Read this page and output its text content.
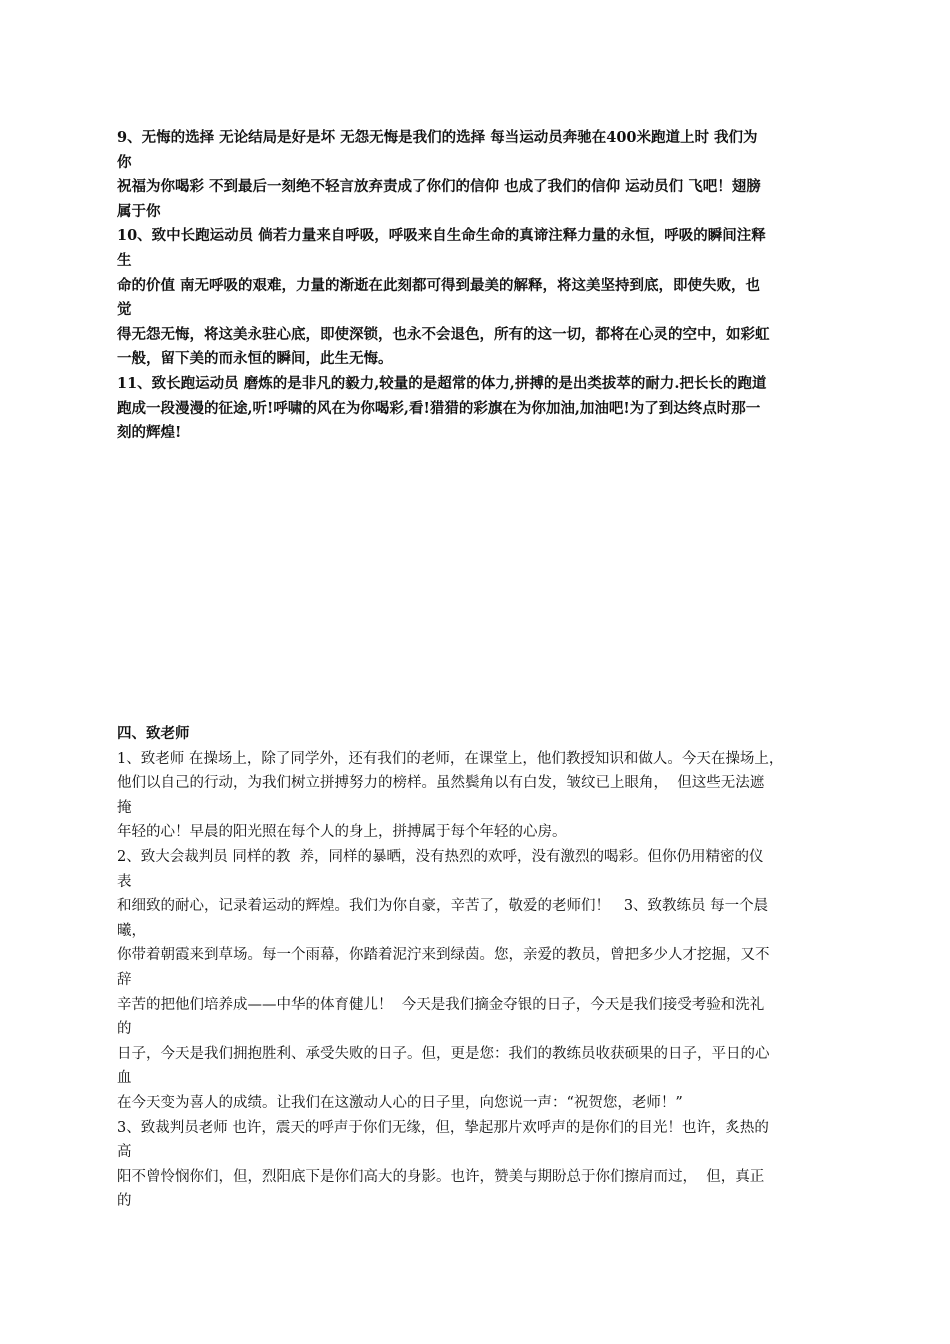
9、无悔的选择 无论结局是好是坏 无怨无悔是我们的选择 每当运动员奔驰在400米跑道上时 我们为
你
祝福为你喝彩 不到最后一刻绝不轻言放弃责成了你们的信仰 也成了我们的信仰 运动员们 飞吧！翅膀
属于你
10、致中长跑运动员 倘若力量来自呼吸，呼吸来自生命生命的真谛注释力量的永恒，呼吸的瞬间注释
生
命的价值 南无呼吸的艰难，力量的渐逝在此刻都可得到最美的解释，将这美坚持到底，即使失败，也
觉
得无怨无悔，将这美永驻心底，即使深锁，也永不会退色，所有的这一切，都将在心灵的空中，如彩虹
一般，留下美的而永恒的瞬间，此生无悔。
11、致长跑运动员 磨炼的是非凡的毅力,较量的是超常的体力,拼搏的是出类拔萃的耐力.把长长的跑道
跑成一段漫漫的征途,听!呼啸的风在为你喝彩,看!猎猎的彩旗在为你加油,加油吧!为了到达终点时那一
刻的辉煌!
四、致老师
1、致老师 在操场上，除了同学外，还有我们的老师，在课堂上，他们教授知识和做人。今天在操场上，
他们以自己的行动，为我们树立拼搏努力的榜样。虽然鬓角以有白发，皱纹已上眼角，  但这些无法遮
掩
年轻的心！早晨的阳光照在每个人的身上，拼搏属于每个年轻的心房。
2、致大会裁判员 同样的教  养，同样的暴晒，没有热烈的欢呼，没有激烈的喝彩。但你仍用精密的仪
表
和细致的耐心，记录着运动的辉煌。我们为你自豪，辛苦了，敬爱的老师们！   3、致教练员 每一个晨
曦，
你带着朝霞来到草场。每一个雨幕，你踏着泥泞来到绿茵。您，亲爱的教员，曾把多少人才挖掘，又不
辞
辛苦的把他们培养成——中华的体育健儿！  今天是我们摘金夺银的日子，今天是我们接受考验和洗礼
的
日子，今天是我们拥抱胜利、承受失败的日子。但，更是您：我们的教练员收获硕果的日子，平日的心
血
在今天变为喜人的成绩。让我们在这激动人心的日子里，向您说一声：“祝贺您，老师！”
3、致裁判员老师 也许，震天的呼声于你们无缘，但，挚起那片欢呼声的是你们的目光！也许，炙热的
高
阳不曾怜悯你们，但，烈阳底下是你们高大的身影。也许，赞美与期盼总于你们擦肩而过，  但，真正
的
